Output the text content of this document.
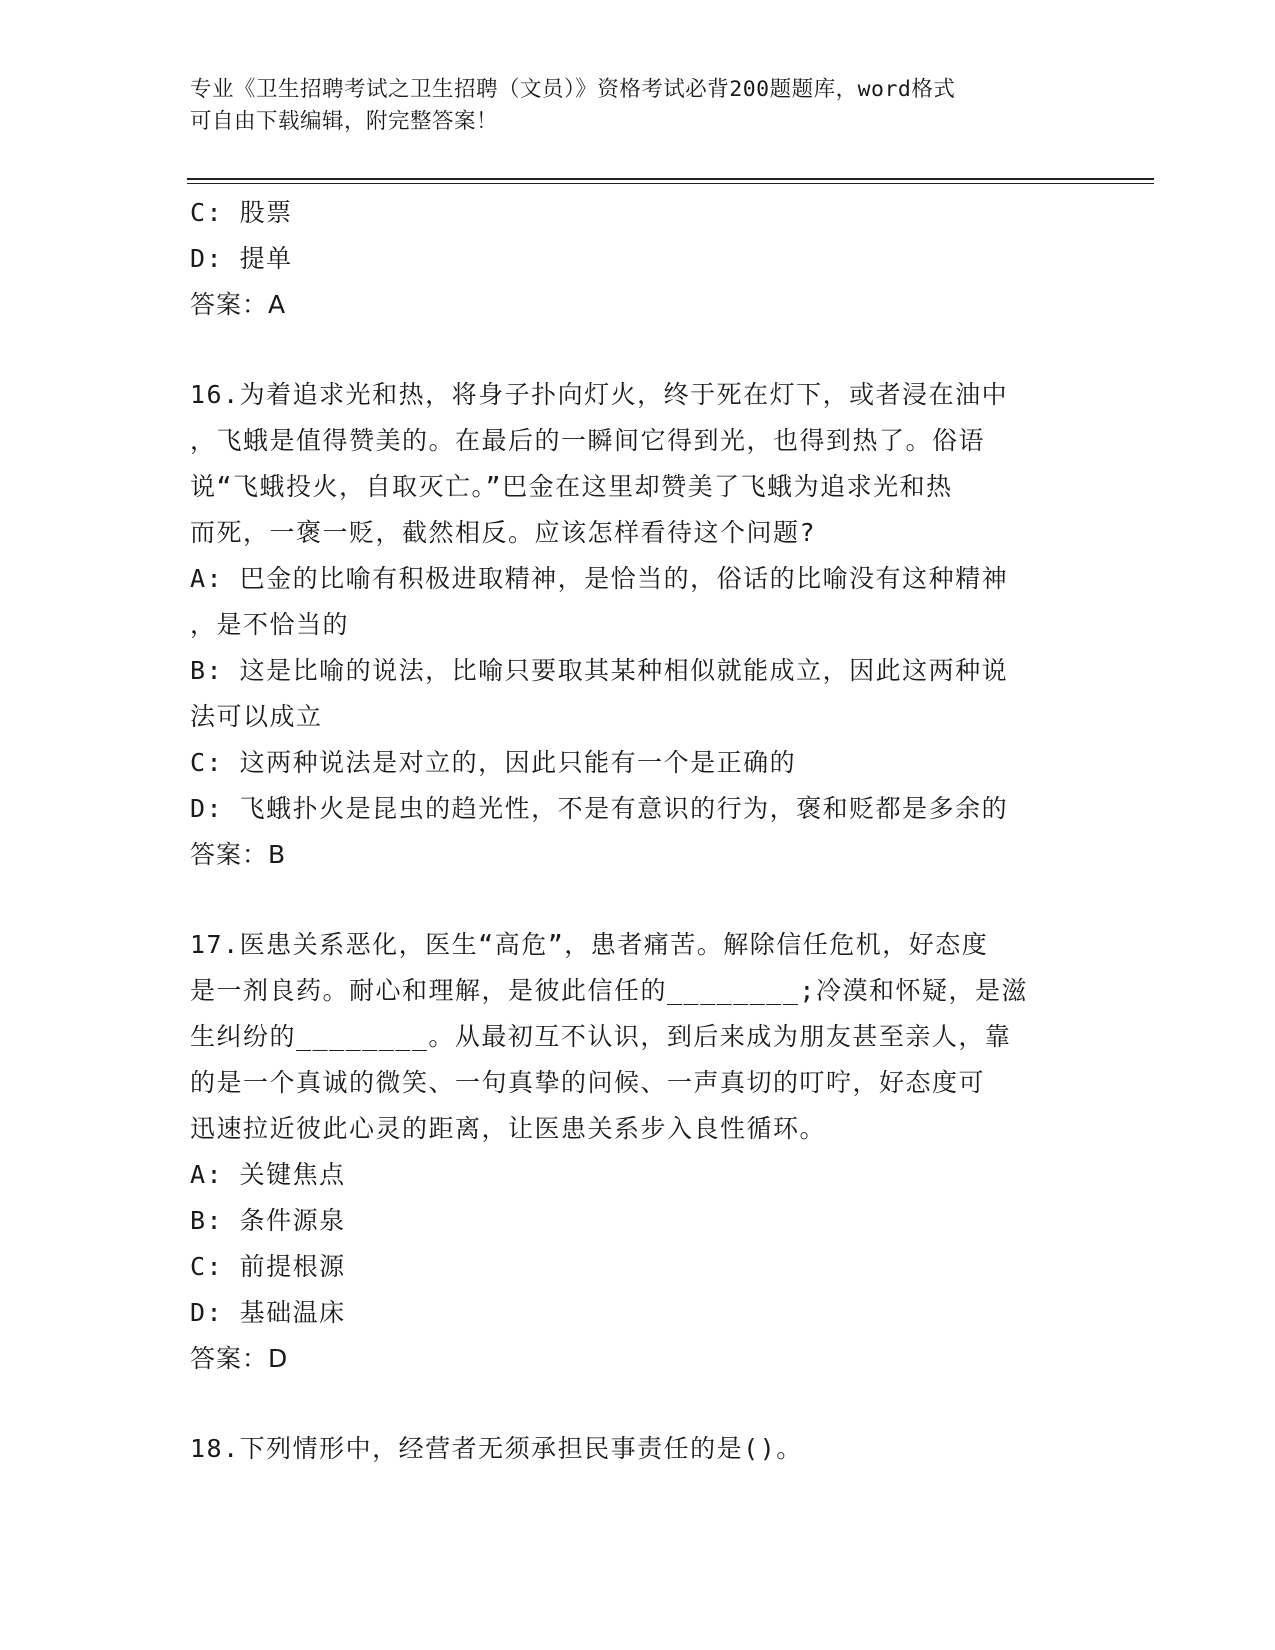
专业《卫生招聘考试之卫生招聘（文员）》资格考试必背200题题库，word格式
可自由下载编辑，附完整答案！
C: 股票
D: 提单
答案：A
16.为着追求光和热，将身子扑向灯火，终于死在灯下，或者浸在油中
，飞蛾是值得赞美的。在最后的一瞬间它得到光，也得到热了。俗语
说“飞蛾投火，自取灭亡。”巴金在这里却赞美了飞蛾为追求光和热
而死，一褒一贬，截然相反。应该怎样看待这个问题?
A: 巴金的比喻有积极进取精神，是恰当的，俗话的比喻没有这种精神
，是不恰当的
B: 这是比喻的说法，比喻只要取其某种相似就能成立，因此这两种说
法可以成立
C: 这两种说法是对立的，因此只能有一个是正确的
D: 飞蛾扑火是昆虫的趋光性，不是有意识的行为，褒和贬都是多余的
答案：B
17.医患关系恶化，医生“高危”，患者痛苦。解除信任危机，好态度
是一剂良药。耐心和理解，是彼此信任的________;冷漠和怀疑，是滋
生纠纷的________。从最初互不认识，到后来成为朋友甚至亲人，靠
的是一个真诚的微笑、一句真挚的问候、一声真切的叮咛，好态度可
迅速拉近彼此心灵的距离，让医患关系步入良性循环。
A: 关键焦点
B: 条件源泉
C: 前提根源
D: 基础温床
答案：D
18.下列情形中，经营者无须承担民事责任的是()。
